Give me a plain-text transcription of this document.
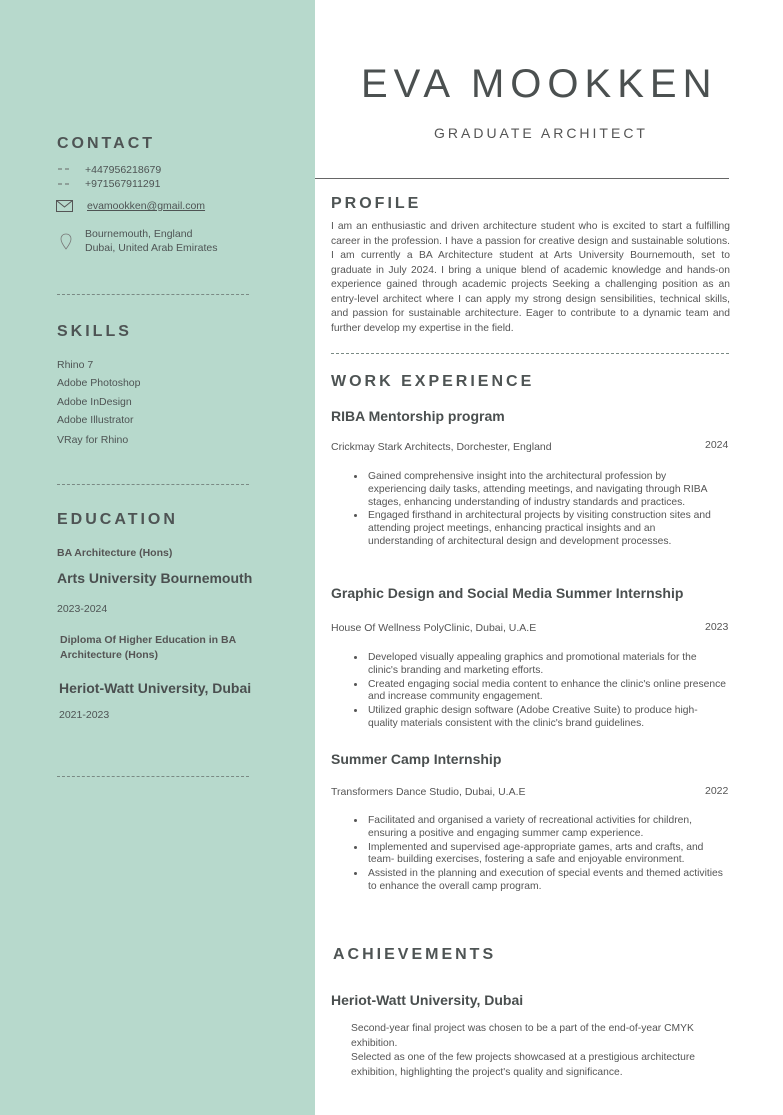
CONTACT
+447956218679
+971567911291
evamookken@gmail.com
Bournemouth, England
Dubai, United Arab Emirates
SKILLS
Rhino 7
Adobe Photoshop
Adobe InDesign
Adobe Illustrator
VRay for Rhino
EDUCATION
BA Architecture (Hons)
Arts University Bournemouth
2023-2024
Diploma Of Higher Education in BA
Architecture (Hons)
Heriot-Watt University, Dubai
2021-2023
EVA MOOKKEN
GRADUATE ARCHITECT
PROFILE
I am an enthusiastic and driven architecture student who is excited to start a fulfilling career in the profession. I have a passion for creative design and sustainable solutions. I am currently a BA Architecture student at Arts University Bournemouth, set to graduate in July 2024. I bring a unique blend of academic knowledge and hands-on experience gained through academic projects Seeking a challenging position as an entry-level architect where I can apply my strong design sensibilities, technical skills, and passion for sustainable architecture. Eager to contribute to a dynamic team and further develop my expertise in the field.
WORK EXPERIENCE
RIBA Mentorship program
Crickmay Stark Architects, Dorchester, England	2024
• Gained comprehensive insight into the architectural profession by experiencing daily tasks, attending meetings, and navigating through RIBA stages, enhancing understanding of industry standards and practices.
• Engaged firsthand in architectural projects by visiting construction sites and attending project meetings, enhancing practical insights and an understanding of architectural design and development processes.
Graphic Design and Social Media Summer Internship
House Of Wellness PolyClinic, Dubai, U.A.E	2023
• Developed visually appealing graphics and promotional materials for the clinic's branding and marketing efforts.
• Created engaging social media content to enhance the clinic's online presence and increase community engagement.
• Utilized graphic design software (Adobe Creative Suite) to produce high-quality materials consistent with the clinic's brand guidelines.
Summer Camp Internship
Transformers Dance Studio, Dubai, U.A.E	2022
• Facilitated and organised a variety of recreational activities for children, ensuring a positive and engaging summer camp experience.
• Implemented and supervised age-appropriate games, arts and crafts, and team- building exercises, fostering a safe and enjoyable environment.
• Assisted in the planning and execution of special events and themed activities to enhance the overall camp program.
ACHIEVEMENTS
Heriot-Watt University, Dubai
Second-year final project was chosen to be a part of the end-of-year CMYK exhibition.
Selected as one of the few projects showcased at a prestigious architecture exhibition, highlighting the project's quality and significance.
